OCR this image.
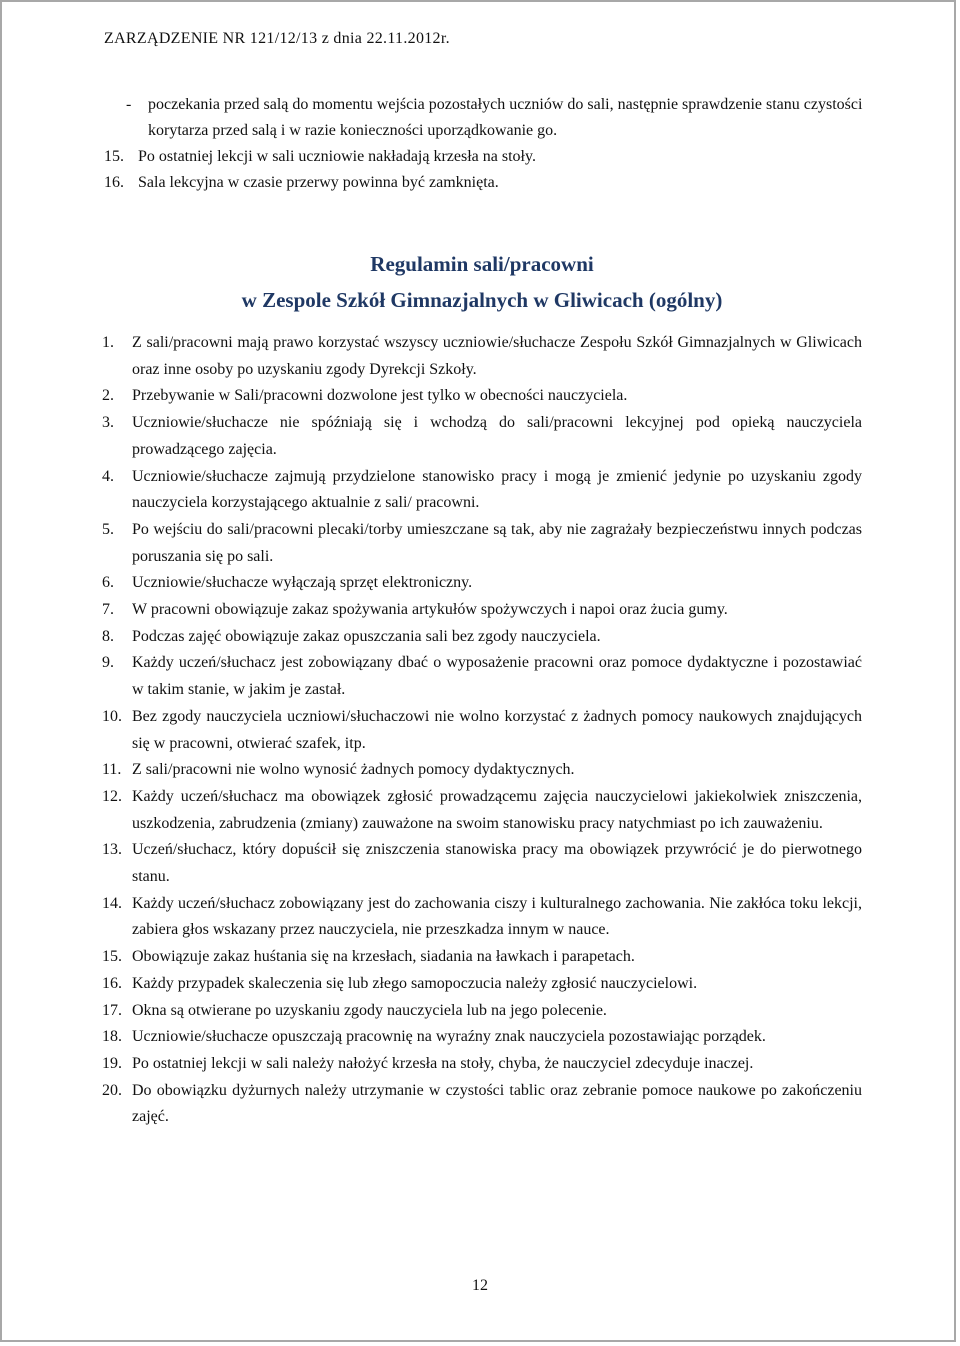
ZARZĄDZENIE NR 121/12/13 z dnia 22.11.2012r.
- poczekania przed salą do momentu wejścia pozostałych uczniów do sali, następnie sprawdzenie stanu czystości korytarza przed salą i w razie konieczności uporządkowanie go.
15. Po ostatniej lekcji w sali uczniowie nakładają krzesła na stoły.
16. Sala lekcyjna w czasie przerwy powinna być zamknięta.
Regulamin sali/pracowni
w Zespole Szkół Gimnazjalnych w Gliwicach (ogólny)
1. Z sali/pracowni mają prawo korzystać wszyscy uczniowie/słuchacze Zespołu Szkół Gimnazjalnych w Gliwicach oraz inne osoby po uzyskaniu zgody Dyrekcji Szkoły.
2. Przebywanie w Sali/pracowni dozwolone jest tylko w obecności nauczyciela.
3. Uczniowie/słuchacze nie spóźniają się i wchodzą do sali/pracowni lekcyjnej pod opieką nauczyciela prowadzącego zajęcia.
4. Uczniowie/słuchacze zajmują przydzielone stanowisko pracy i mogą je zmienić jedynie po uzyskaniu zgody nauczyciela korzystającego aktualnie z sali/ pracowni.
5. Po wejściu do sali/pracowni plecaki/torby umieszczane są tak, aby nie zagrażały bezpieczeństwu innych podczas poruszania się po sali.
6. Uczniowie/słuchacze wyłączają sprzęt elektroniczny.
7. W pracowni obowiązuje zakaz spożywania artykułów spożywczych i napoi oraz żucia gumy.
8. Podczas zajęć obowiązuje zakaz opuszczania sali bez zgody nauczyciela.
9. Każdy uczeń/słuchacz jest zobowiązany dbać o wyposażenie pracowni oraz pomoce dydaktyczne i pozostawiać w takim stanie, w jakim je zastał.
10. Bez zgody nauczyciela uczniowi/słuchaczowi nie wolno korzystać z żadnych pomocy naukowych znajdujących się w pracowni, otwierać szafek, itp.
11. Z sali/pracowni nie wolno wynosić żadnych pomocy dydaktycznych.
12. Każdy uczeń/słuchacz ma obowiązek zgłosić prowadzącemu zajęcia nauczycielowi jakiekolwiek zniszczenia, uszkodzenia, zabrudzenia (zmiany) zauważone na swoim stanowisku pracy natychmiast po ich zauważeniu.
13. Uczeń/słuchacz, który dopuścił się zniszczenia stanowiska pracy ma obowiązek przywrócić je do pierwotnego stanu.
14. Każdy uczeń/słuchacz zobowiązany jest do zachowania ciszy i kulturalnego zachowania. Nie zakłóca toku lekcji, zabiera głos wskazany przez nauczyciela, nie przeszkadza innym w nauce.
15. Obowiązuje zakaz huśtania się na krzesłach, siadania na ławkach i parapetach.
16. Każdy przypadek skaleczenia się lub złego samopoczucia należy zgłosić nauczycielowi.
17. Okna są otwierane po uzyskaniu zgody nauczyciela lub na jego polecenie.
18. Uczniowie/słuchacze opuszczają pracownię na wyraźny znak nauczyciela pozostawiając porządek.
19. Po ostatniej lekcji w sali należy nałożyć krzesła na stoły, chyba, że nauczyciel zdecyduje inaczej.
20. Do obowiązku dyżurnych należy utrzymanie w czystości tablic oraz zebranie pomoce naukowe po zakończeniu zajęć.
12
